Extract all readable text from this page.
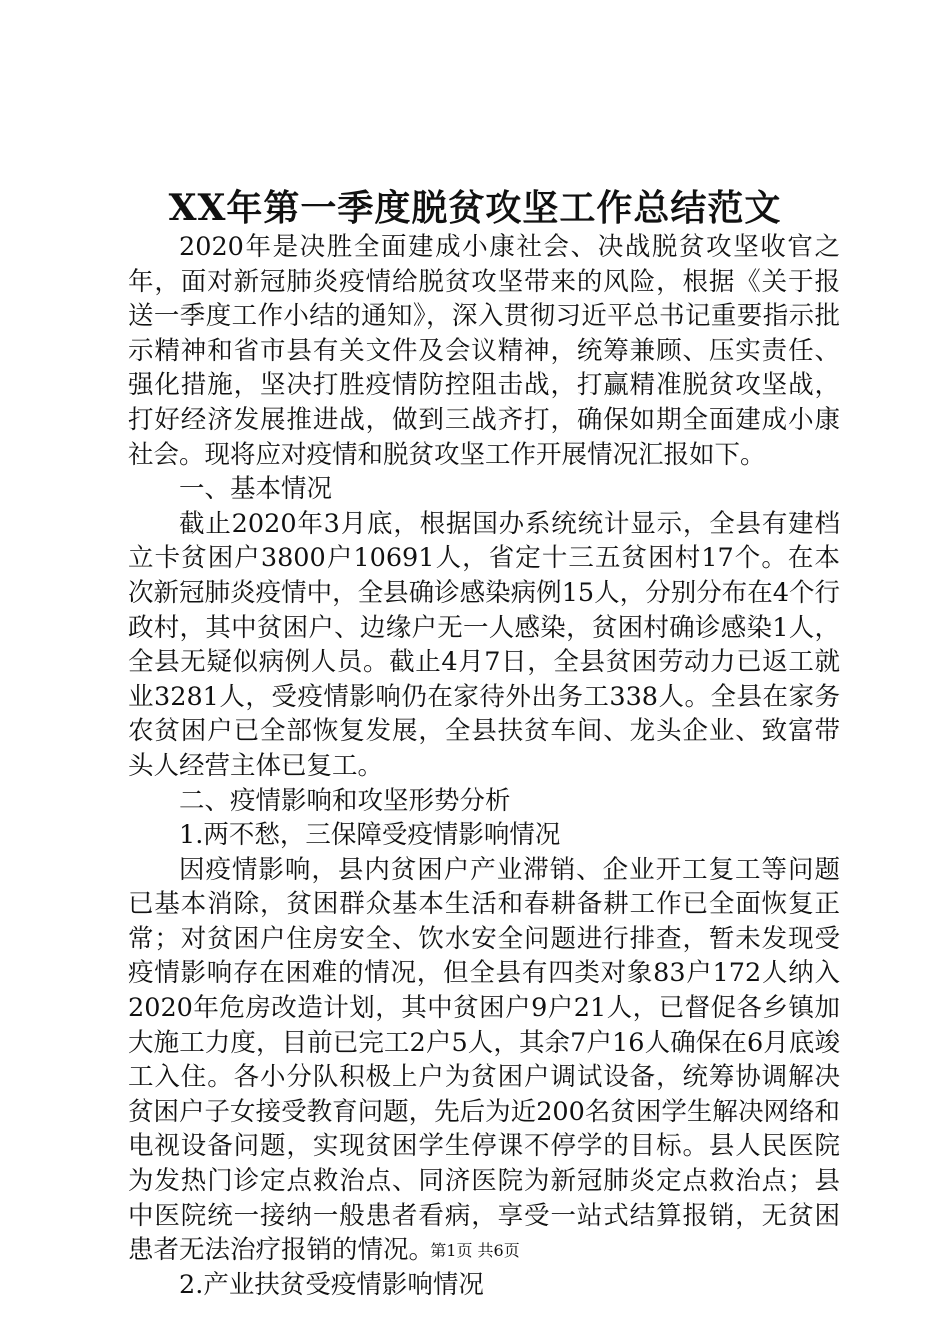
XX年第一季度脱贫攻坚工作总结范文

2020年是决胜全面建成小康社会、决战脱贫攻坚收官之年，面对新冠肺炎疫情给脱贫攻坚带来的风险，根据《关于报送一季度工作小结的通知》，深入贯彻习近平总书记重要指示批示精神和省市县有关文件及会议精神，统筹兼顾、压实责任、强化措施，坚决打胜疫情防控阻击战，打赢精准脱贫攻坚战，打好经济发展推进战，做到三战齐打，确保如期全面建成小康社会。现将应对疫情和脱贫攻坚工作开展情况汇报如下。

一、基本情况

截止2020年3月底，根据国办系统统计显示，全县有建档立卡贫困户3800户10691人，省定十三五贫困村17个。在本次新冠肺炎疫情中，全县确诊感染病例15人，分别分布在4个行政村，其中贫困户、边缘户无一人感染，贫困村确诊感染1人，全县无疑似病例人员。截止4月7日，全县贫困劳动力已返工就业3281人，受疫情影响仍在家待外出务工338人。全县在家务农贫困户已全部恢复发展，全县扶贫车间、龙头企业、致富带头人经营主体已复工。

二、疫情影响和攻坚形势分析

1.两不愁，三保障受疫情影响情况

因疫情影响，县内贫困户产业滞销、企业开工复工等问题已基本消除，贫困群众基本生活和春耕备耕工作已全面恢复正常；对贫困户住房安全、饮水安全问题进行排查，暂未发现受疫情影响存在困难的情况，但全县有四类对象83户172人纳入2020年危房改造计划，其中贫困户9户21人，已督促各乡镇加大施工力度，目前已完工2户5人，其余7户16人确保在6月底竣工入住。各小分队积极上户为贫困户调试设备，统筹协调解决贫困户子女接受教育问题，先后为近200名贫困学生解决网络和电视设备问题，实现贫困学生停课不停学的目标。县人民医院为发热门诊定点救治点、同济医院为新冠肺炎定点救治点；县中医院统一接纳一般患者看病，享受一站式结算报销，无贫困患者无法治疗报销的情况。

2.产业扶贫受疫情影响情况

第1页 共6页
